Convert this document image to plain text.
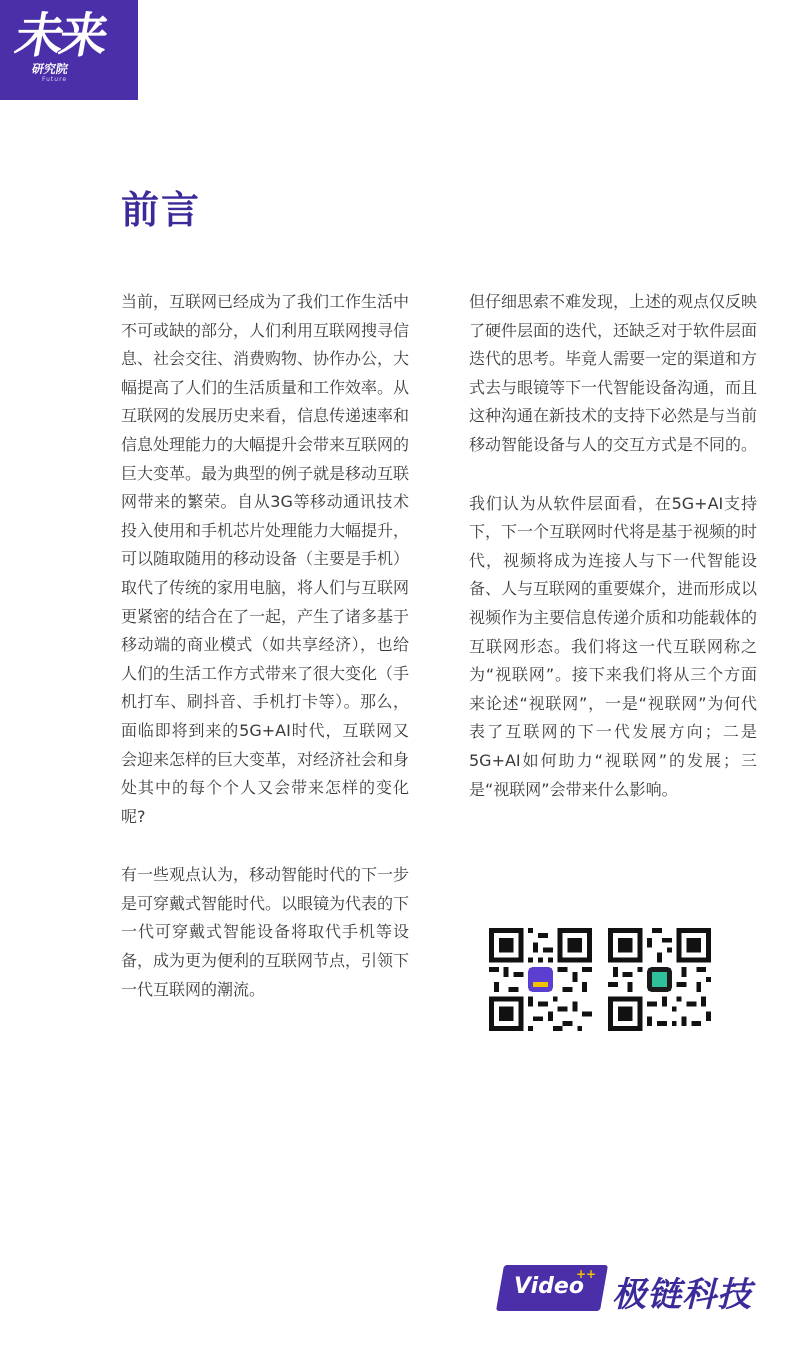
未来
研究院
Future
前言

当前，互联网已经成为了我们工作生活中不可或缺的部分，人们利用互联网搜寻信息、社会交往、消费购物、协作办公，大幅提高了人们的生活质量和工作效率。从互联网的发展历史来看，信息传递速率和信息处理能力的大幅提升会带来互联网的巨大变革。最为典型的例子就是移动互联网带来的繁荣。自从3G等移动通讯技术投入使用和手机芯片处理能力大幅提升，可以随取随用的移动设备（主要是手机）取代了传统的家用电脑，将人们与互联网更紧密的结合在了一起，产生了诸多基于移动端的商业模式（如共享经济），也给人们的生活工作方式带来了很大变化（手机打车、刷抖音、手机打卡等）。那么，面临即将到来的5G+AI时代，互联网又会迎来怎样的巨大变革，对经济社会和身处其中的每个个人又会带来怎样的变化呢?

有一些观点认为，移动智能时代的下一步是可穿戴式智能时代。以眼镜为代表的下一代可穿戴式智能设备将取代手机等设备，成为更为便利的互联网节点，引领下一代互联网的潮流。

但仔细思索不难发现，上述的观点仅反映了硬件层面的迭代，还缺乏对于软件层面迭代的思考。毕竟人需要一定的渠道和方式去与眼镜等下一代智能设备沟通，而且这种沟通在新技术的支持下必然是与当前移动智能设备与人的交互方式是不同的。

我们认为从软件层面看，在5G+AI支持下，下一个互联网时代将是基于视频的时代，视频将成为连接人与下一代智能设备、人与互联网的重要媒介，进而形成以视频作为主要信息传递介质和功能载体的互联网形态。我们将这一代互联网称之为“视联网”。接下来我们将从三个方面来论述“视联网”，一是“视联网”为何代表了互联网的下一代发展方向；二是5G+AI如何助力“视联网”的发展；三是“视联网”会带来什么影响。

Video
++
极链科技
